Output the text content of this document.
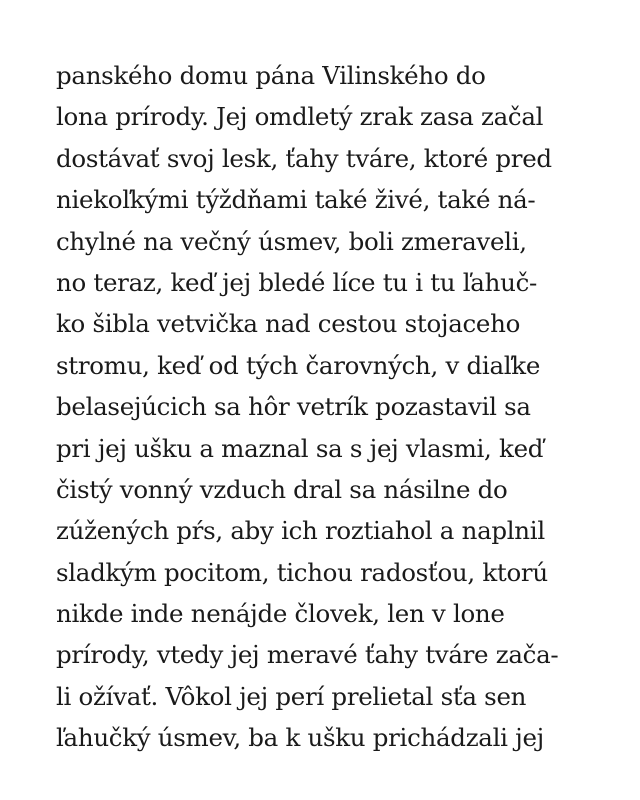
panského domu pána Vilinského do
lona prírody. Jej omdletý zrak zasa začal
dostávať svoj lesk, ťahy tváre, ktoré pred
niekoľkými týždňami také živé, také ná-
chylné na večný úsmev, boli zmeraveli,
no teraz, keď jej bledé líce tu i tu ľahuč-
ko šibla vetvička nad cestou stojaceho
stromu, keď od tých čarovných, v diaľke
belasejúcich sa hôr vetrík pozastavil sa
pri jej ušku a maznal sa s jej vlasmi, keď
čistý vonný vzduch dral sa násilne do
zúžených pŕs, aby ich roztiahol a naplnil
sladkým pocitom, tichou radosťou, ktorú
nikde inde nenájde človek, len v lone
prírody, vtedy jej meravé ťahy tváre zača-
li ožívať. Vôkol jej perí prelietal sťa sen
ľahučký úsmev, ba k ušku prichádzali jej
